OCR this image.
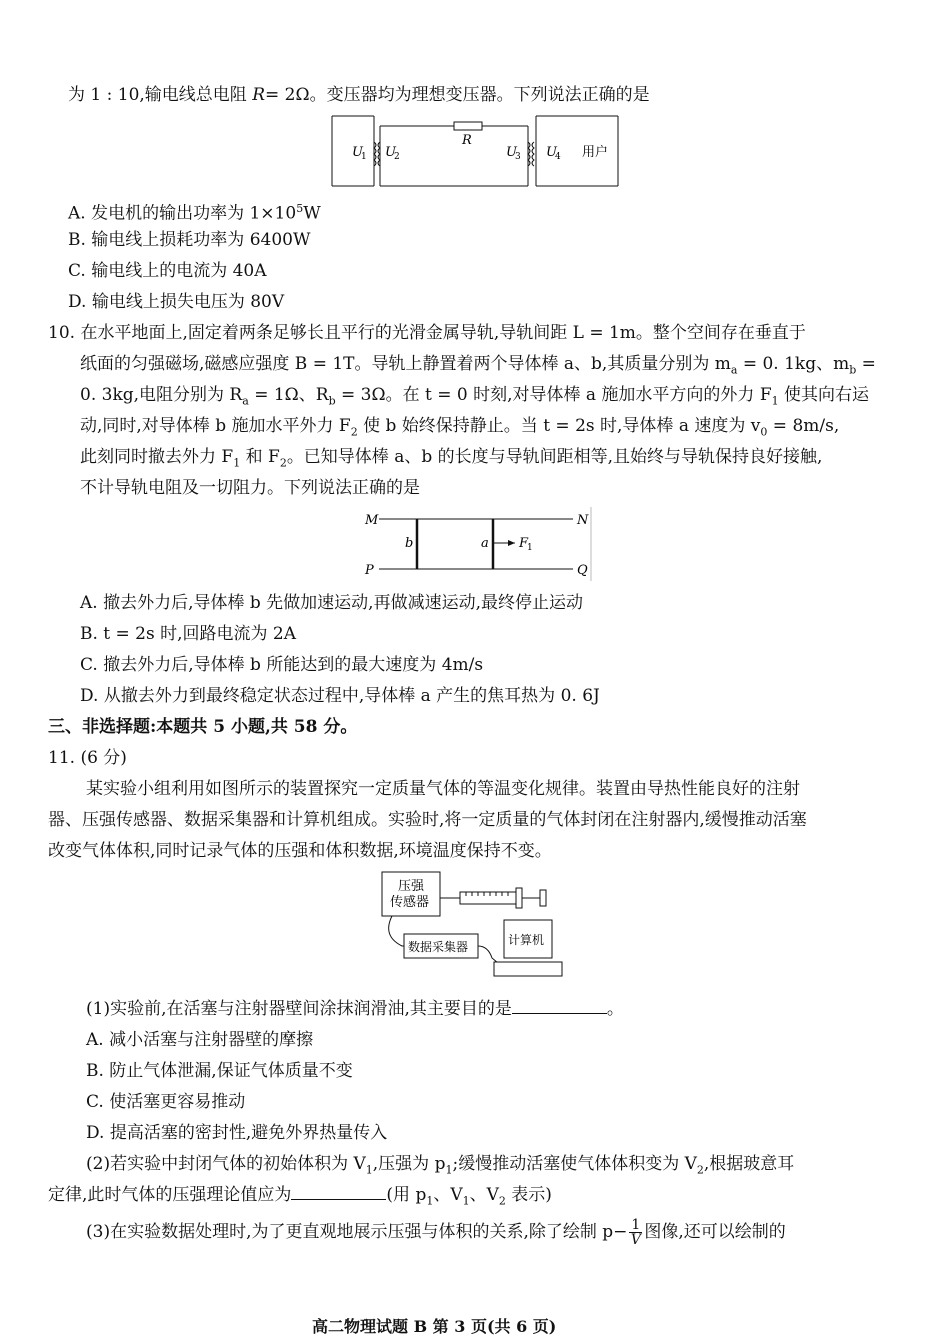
为 1 : 10,输电线总电阻 R= 2Ω。变压器均为理想变压器。下列说法正确的是
U
1 U
2
R
U
3 U
4 用户
A. 发电机的输出功率为 $1\times 10^5W$
B. 输电线上损耗功率为 6400W
C. 输电线上的电流为 40A
D. 输电线上损失电压为 80V
10. 在水平地面上,固定着两条足够长且平行的光滑金属导轨,导轨间距 L = 1m。整个空间存在垂直于
纸面的匀强磁场,磁感应强度 B = 1T。导轨上静置着两个导体棒 a、b,其质量分别为 $m_a = 0$. 1kg、$m_b$ =
0. 3kg,电阻分别为 $R_a = 1\Omega$、$R_b = 3\Omega$。在 t = 0 时刻,对导体棒 a 施加水平方向的外力 $F_1$ 使其向右运
动,同时,对导体棒 b 施加水平外力 $F_2$ 使 b 始终保持静止。当 t = 2s 时,导体棒 a 速度为 $v_0 = 8m/s$,
此刻同时撤去外力 $F_1$ 和 $F_2$。已知导体棒 a、b 的长度与导轨间距相等,且始终与导轨保持良好接触,
不计导轨电阻及一切阻力。下列说法正确的是
M	N
P	Q
b	a F
1
A. 撤去外力后,导体棒 b 先做加速运动,再做减速运动,最终停止运动
B. t = 2s 时,回路电流为 2A
C. 撤去外力后,导体棒 b 所能达到的最大速度为 4m/s
D. 从撤去外力到最终稳定状态过程中,导体棒 a 产生的焦耳热为 0. 6J
三、非选择题:本题共 5 小题,共 58 分。
11. (6 分)
某实验小组利用如图所示的装置探究一定质量气体的等温变化规律。装置由导热性能良好的注射
器、压强传感器、数据采集器和计算机组成。实验时,将一定质量的气体封闭在注射器内,缓慢推动活塞
改变气体体积,同时记录气体的压强和体积数据,环境温度保持不变。
压强
传感器
数据采集器	计算机
(1)实验前,在活塞与注射器壁间涂抹润滑油,其主要目的是	。
A. 减小活塞与注射器壁的摩擦
B. 防止气体泄漏,保证气体质量不变
C. 使活塞更容易推动
D. 提高活塞的密封性,避免外界热量传入
(2)若实验中封闭气体的初始体积为 $V_1$,压强为 $p_1$;缓慢推动活塞使气体体积变为 $V_2$,根据玻意耳
定律,此时气体的压强理论值应为	(用 $p_1$、$V_1$、$V_2$ 表示)
(3)在实验数据处理时,为了更直观地展示压强与体积的关系,除了绘制 $p- \frac{1}{V}$ 图像,还可以绘制的
高二物理试题 B 第 3 页(共 6 页)
